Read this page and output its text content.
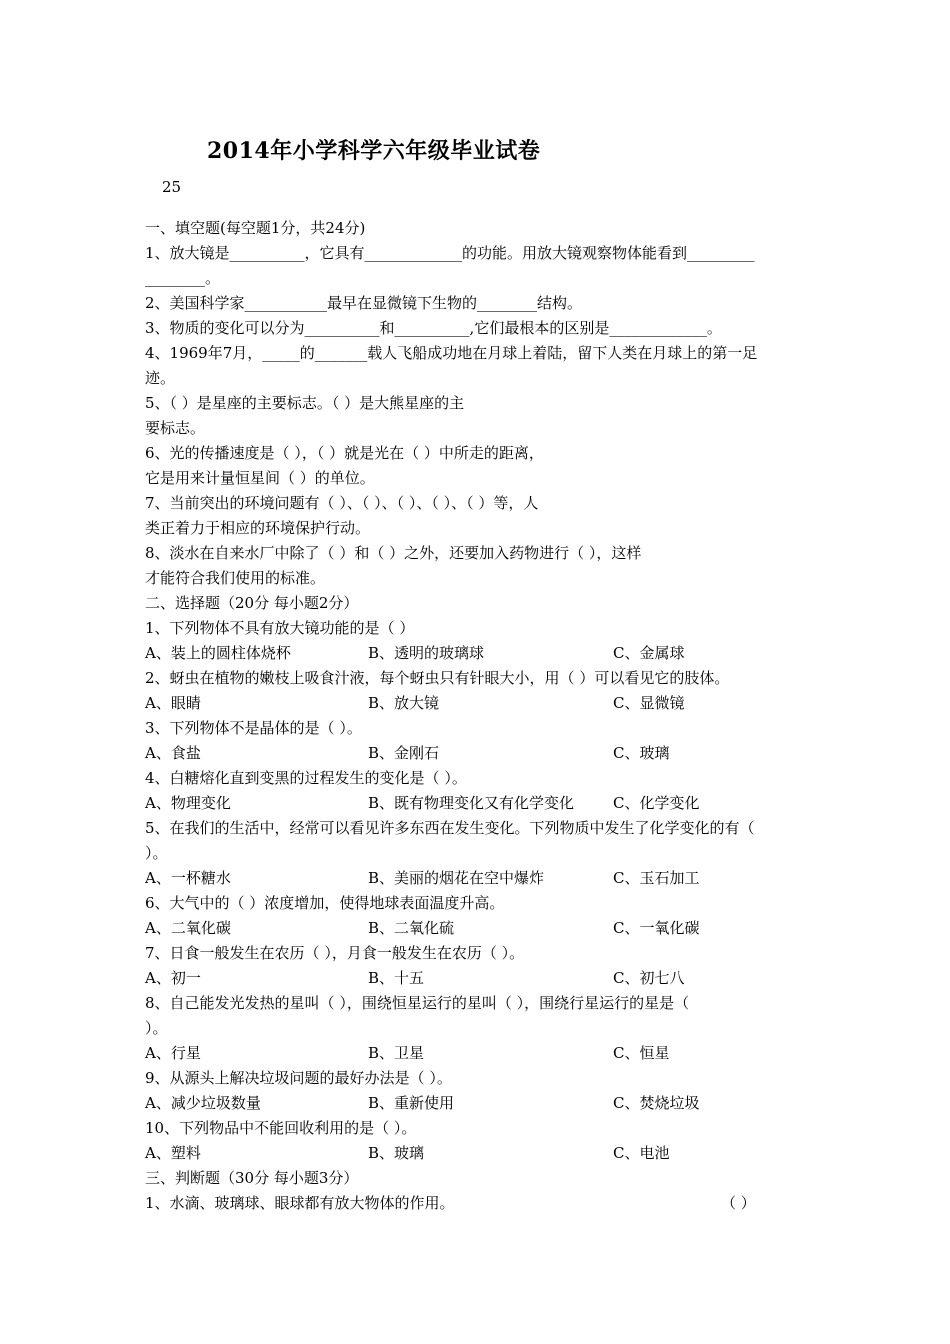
2014年小学科学六年级毕业试卷
25
一、填空题(每空题1分，共24分)
1、放大镜是__________，它具有_____________的功能。用放大镜观察物体能看到_________
________。
2、美国科学家___________最早在显微镜下生物的________结构。
3、物质的变化可以分为__________和__________,它们最根本的区别是_____________。
4、1969年7月，_____的_______载人飞船成功地在月球上着陆，留下人类在月球上的第一足
迹。
5、（ ）是星座的主要标志。（ ）是大熊星座的主
要标志。
6、光的传播速度是（ ），（ ）就是光在（ ）中所走的距离，
它是用来计量恒星间（ ）的单位。
7、当前突出的环境问题有（ ）、（ ）、（ ）、（ ）、（ ）等，人
类正着力于相应的环境保护行动。
8、淡水在自来水厂中除了（ ）和（ ）之外，还要加入药物进行（ ），这样
才能符合我们使用的标准。
二、选择题（20分 每小题2分）
1、下列物体不具有放大镜功能的是（ ）
A、装上的圆柱体烧杯	B、透明的玻璃球	C、金属球
2、蚜虫在植物的嫩枝上吸食汁液，每个蚜虫只有针眼大小，用（ ）可以看见它的肢体。
A、眼睛	B、放大镜	C、显微镜
3、下列物体不是晶体的是（ ）。
A、食盐	B、金刚石	C、玻璃
4、白糖熔化直到变黑的过程发生的变化是（ ）。
A、物理变化	B、既有物理变化又有化学变化	C、化学变化
5、在我们的生活中，经常可以看见许多东西在发生变化。下列物质中发生了化学变化的有（
）。
A、一杯糖水	B、美丽的烟花在空中爆炸	C、玉石加工
6、大气中的（ ）浓度增加，使得地球表面温度升高。
A、二氧化碳	B、二氧化硫	C、一氧化碳
7、日食一般发生在农历（ ），月食一般发生在农历（ ）。
A、初一	B、十五	C、初七八
8、自己能发光发热的星叫（ ），围绕恒星运行的星叫（ ），围绕行星运行的星是（
）。
A、行星	B、卫星	C、恒星
9、从源头上解决垃圾问题的最好办法是（ ）。
A、减少垃圾数量	B、重新使用	C、焚烧垃圾
10、下列物品中不能回收利用的是（ ）。
A、塑料	B、玻璃	C、电池
三、判断题（30分 每小题3分）
1、水滴、玻璃球、眼球都有放大物体的作用。	（ ）
